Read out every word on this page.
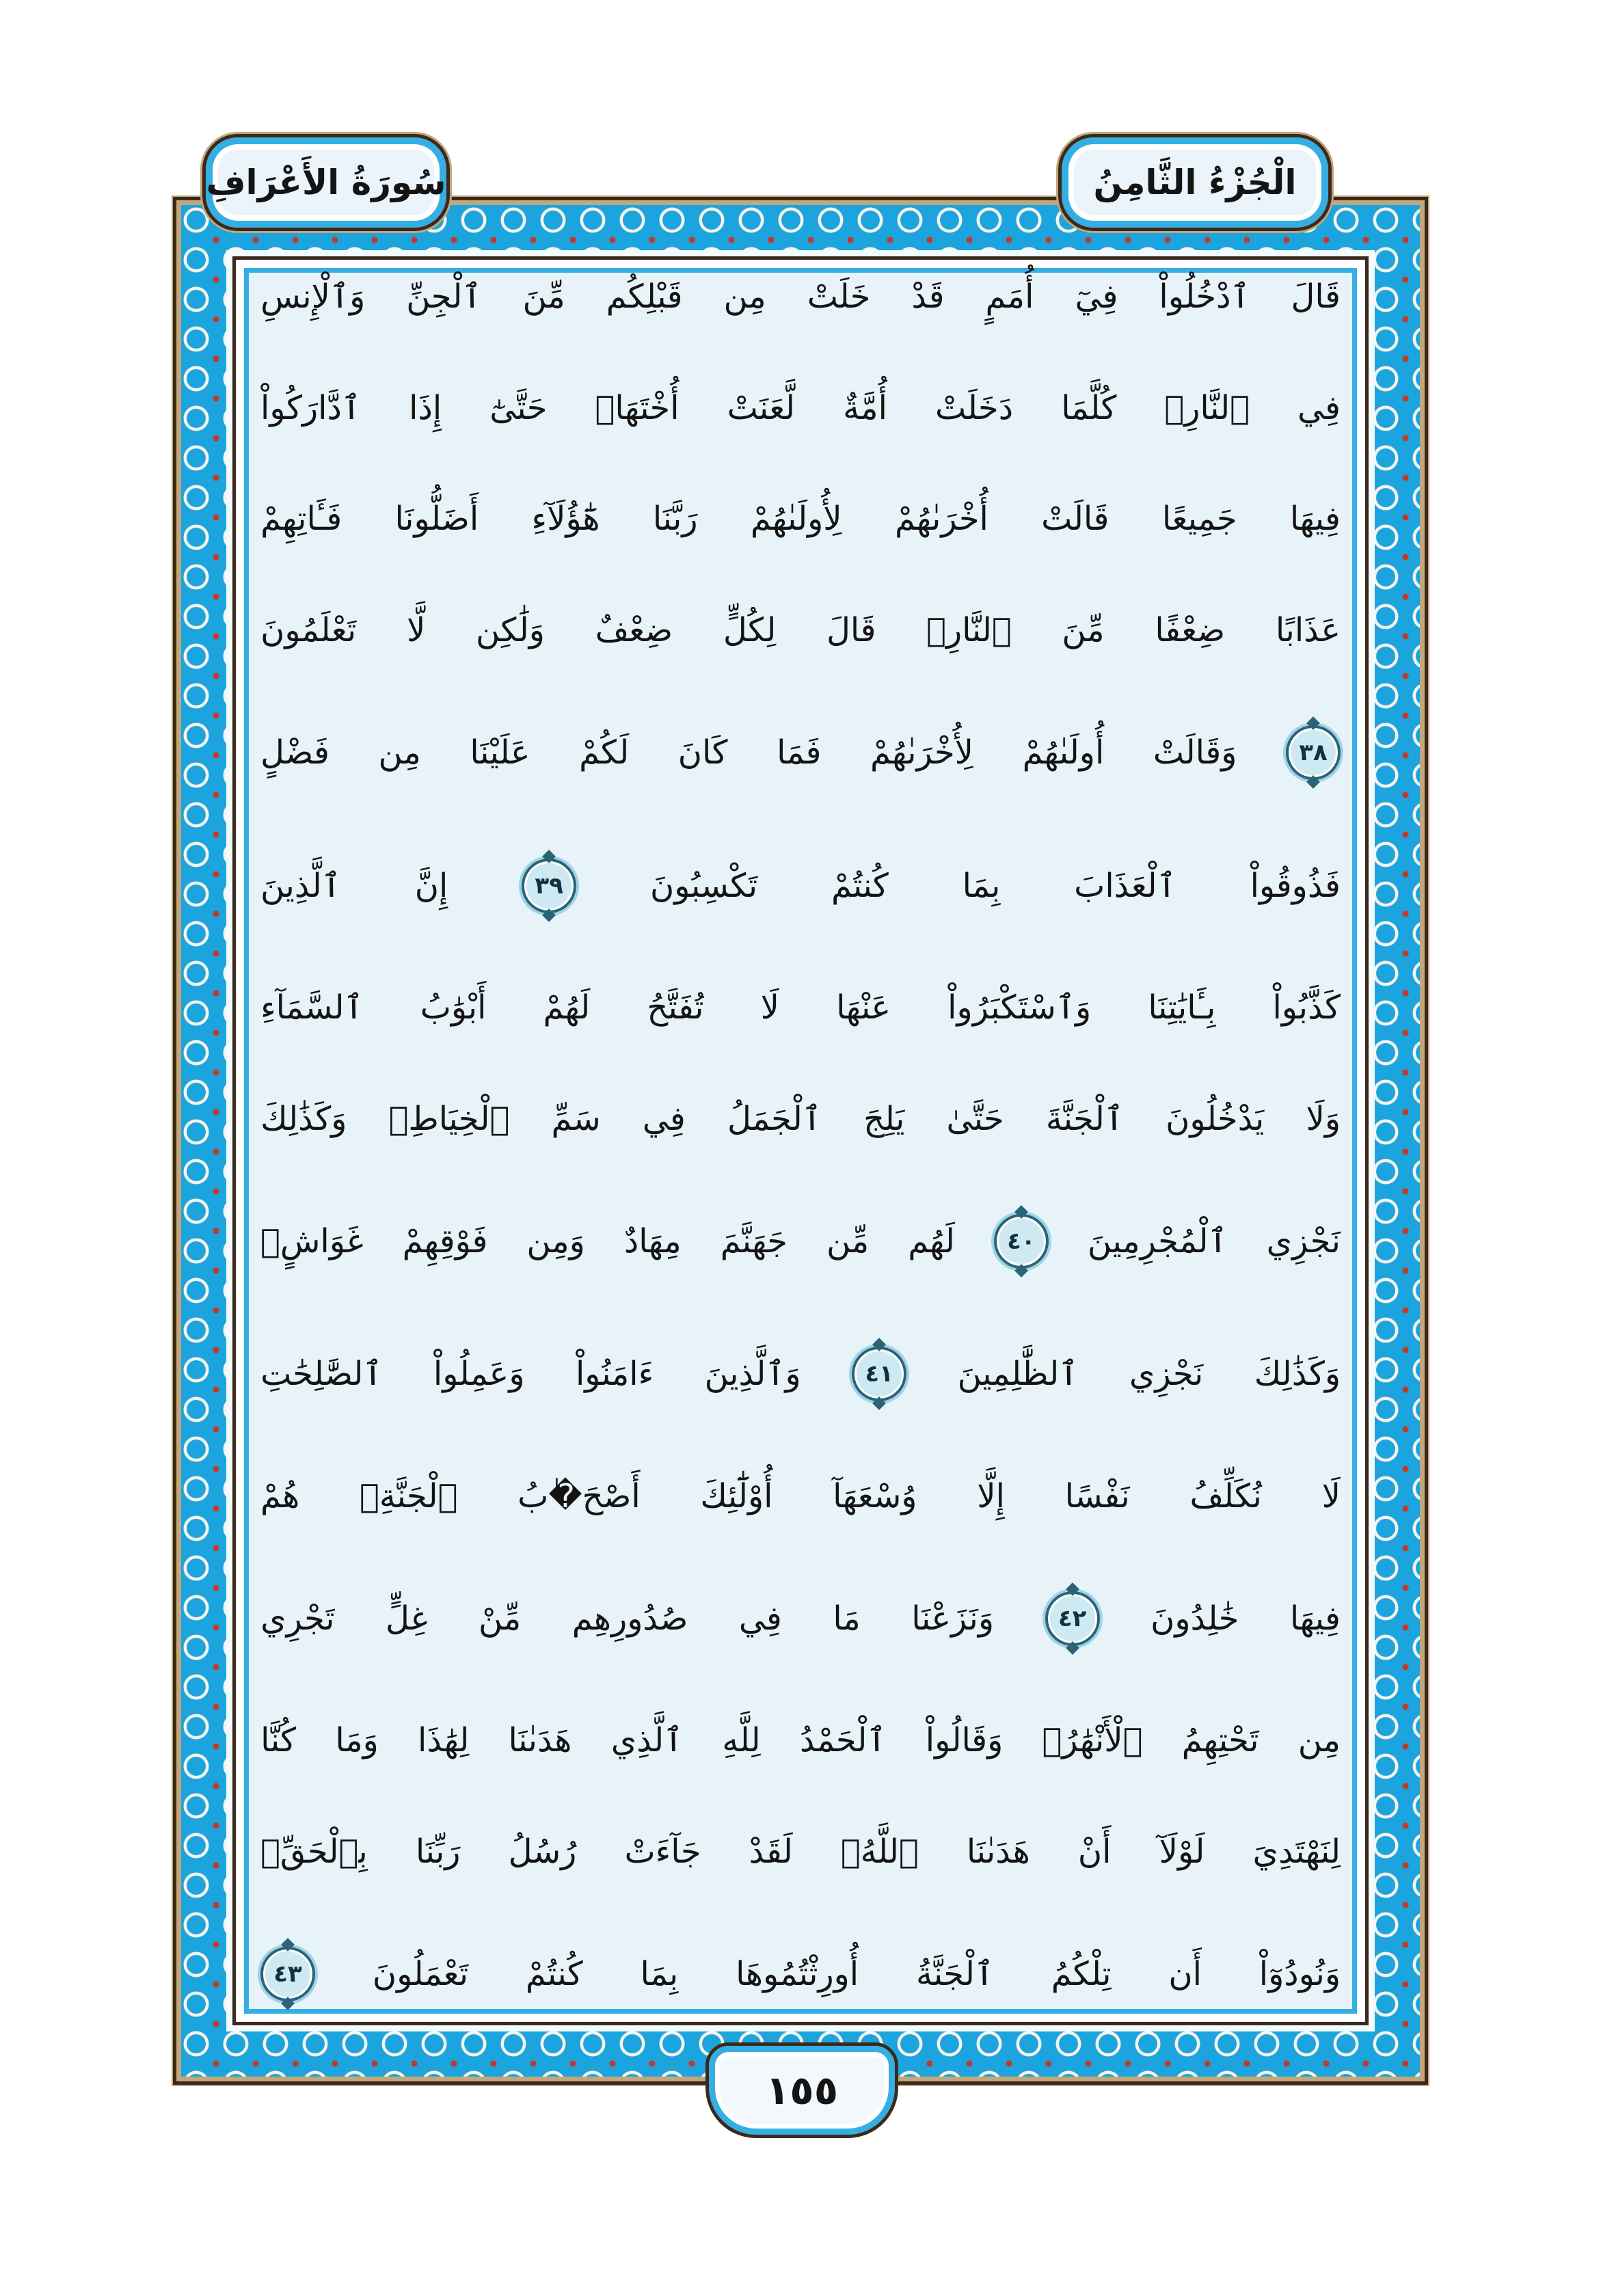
قَالَ
ٱدْخُلُواْ
فِيٓ
أُمَمٍ
قَدْ
خَلَتْ
مِن
قَبْلِكُم
مِّنَ
ٱلْجِنِّ
وَٱلْإِنسِ
فِي
ٱلنَّارِۖ
كُلَّمَا
دَخَلَتْ
أُمَّةٌ
لَّعَنَتْ
أُخْتَهَاۖ
حَتَّىٰٓ
إِذَا
ٱدَّارَكُواْ
فِيهَا
جَمِيعًا
قَالَتْ
أُخْرَىٰهُمْ
لِأُولَىٰهُمْ
رَبَّنَا
هَٰٓؤُلَآءِ
أَضَلُّونَا
فَـَٔاتِهِمْ
عَذَابًا
ضِعْفًا
مِّنَ
ٱلنَّارِۖ
قَالَ
لِكُلٍّ
ضِعْفٌ
وَلَٰكِن
لَّا
تَعْلَمُونَ
٣٨
وَقَالَتْ
أُولَىٰهُمْ
لِأُخْرَىٰهُمْ
فَمَا
كَانَ
لَكُمْ
عَلَيْنَا
مِن
فَضْلٍ
فَذُوقُواْ
ٱلْعَذَابَ
بِمَا
كُنتُمْ
تَكْسِبُونَ
٣٩
إِنَّ
ٱلَّذِينَ
كَذَّبُواْ
بِـَٔايَٰتِنَا
وَٱسْتَكْبَرُواْ
عَنْهَا
لَا
تُفَتَّحُ
لَهُمْ
أَبْوَٰبُ
ٱلسَّمَآءِ
وَلَا
يَدْخُلُونَ
ٱلْجَنَّةَ
حَتَّىٰ
يَلِجَ
ٱلْجَمَلُ
فِي
سَمِّ
ٱلْخِيَاطِۚ
وَكَذَٰلِكَ
نَجْزِي
ٱلْمُجْرِمِينَ
٤٠
لَهُم
مِّن
جَهَنَّمَ
مِهَادٌ
وَمِن
فَوْقِهِمْ
غَوَاشٍۚ
وَكَذَٰلِكَ
نَجْزِي
ٱلظَّٰلِمِينَ
٤١
وَٱلَّذِينَ
ءَامَنُواْ
وَعَمِلُواْ
ٱلصَّٰلِحَٰتِ
لَا
نُكَلِّفُ
نَفْسًا
إِلَّا
وُسْعَهَآ
أُوْلَٰٓئِكَ
أَصْحَ�ٰبُ
ٱلْجَنَّةِۖ
هُمْ
فِيهَا
خَٰلِدُونَ
٤٢
وَنَزَعْنَا
مَا
فِي
صُدُورِهِم
مِّنْ
غِلٍّ
تَجْرِي
مِن
تَحْتِهِمُ
ٱلْأَنْهَٰرُۖ
وَقَالُواْ
ٱلْحَمْدُ
لِلَّهِ
ٱلَّذِي
هَدَىٰنَا
لِهَٰذَا
وَمَا
كُنَّا
لِنَهْتَدِيَ
لَوْلَآ
أَنْ
هَدَىٰنَا
ٱللَّهُۖ
لَقَدْ
جَآءَتْ
رُسُلُ
رَبِّنَا
بِٱلْحَقِّۖ
وَنُودُوٓاْ
أَن
تِلْكُمُ
ٱلْجَنَّةُ
أُورِثْتُمُوهَا
بِمَا
كُنتُمْ
تَعْمَلُونَ
٤٣
سُورَةُ الأَعْرَافِ	الْجُزْءُ الثَّامِنُ
١٥٥
